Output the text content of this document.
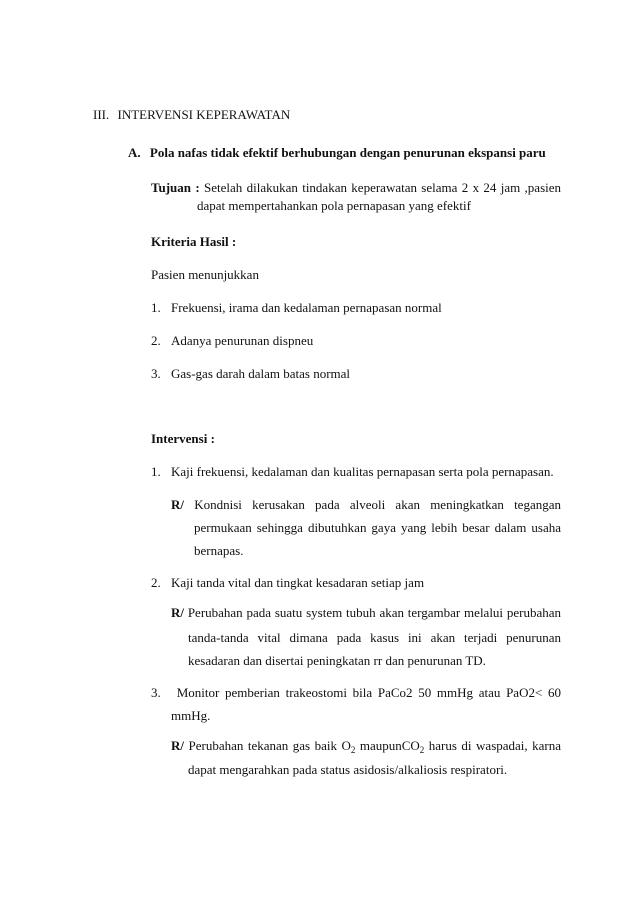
III. INTERVENSI KEPERAWATAN
A. Pola nafas tidak efektif berhubungan dengan penurunan ekspansi paru
Tujuan : Setelah dilakukan tindakan keperawatan selama 2 x 24 jam ,pasien
dapat mempertahankan pola pernapasan yang efektif
Kriteria Hasil :
Pasien menunjukkan
1. Frekuensi, irama dan kedalaman pernapasan normal
2. Adanya penurunan dispneu
3. Gas-gas darah dalam batas normal
Intervensi :
1. Kaji frekuensi, kedalaman dan kualitas pernapasan serta pola pernapasan.
R/ Kondnisi kerusakan pada alveoli akan meningkatkan tegangan
permukaan sehingga dibutuhkan gaya yang lebih besar dalam usaha
bernapas.
2. Kaji tanda vital dan tingkat kesadaran setiap jam
R/ Perubahan pada suatu system tubuh akan tergambar melalui perubahan
tanda-tanda vital dimana pada kasus ini akan terjadi penurunan
kesadaran dan disertai peningkatan rr dan penurunan TD.
3. Monitor pemberian trakeostomi bila PaCo2 50 mmHg atau PaO2< 60
mmHg.
R/ Perubahan tekanan gas baik $O_2$ maupunCO$_2$ harus di waspadai, karna
dapat mengarahkan pada status asidosis/alkaliosis respiratori.
